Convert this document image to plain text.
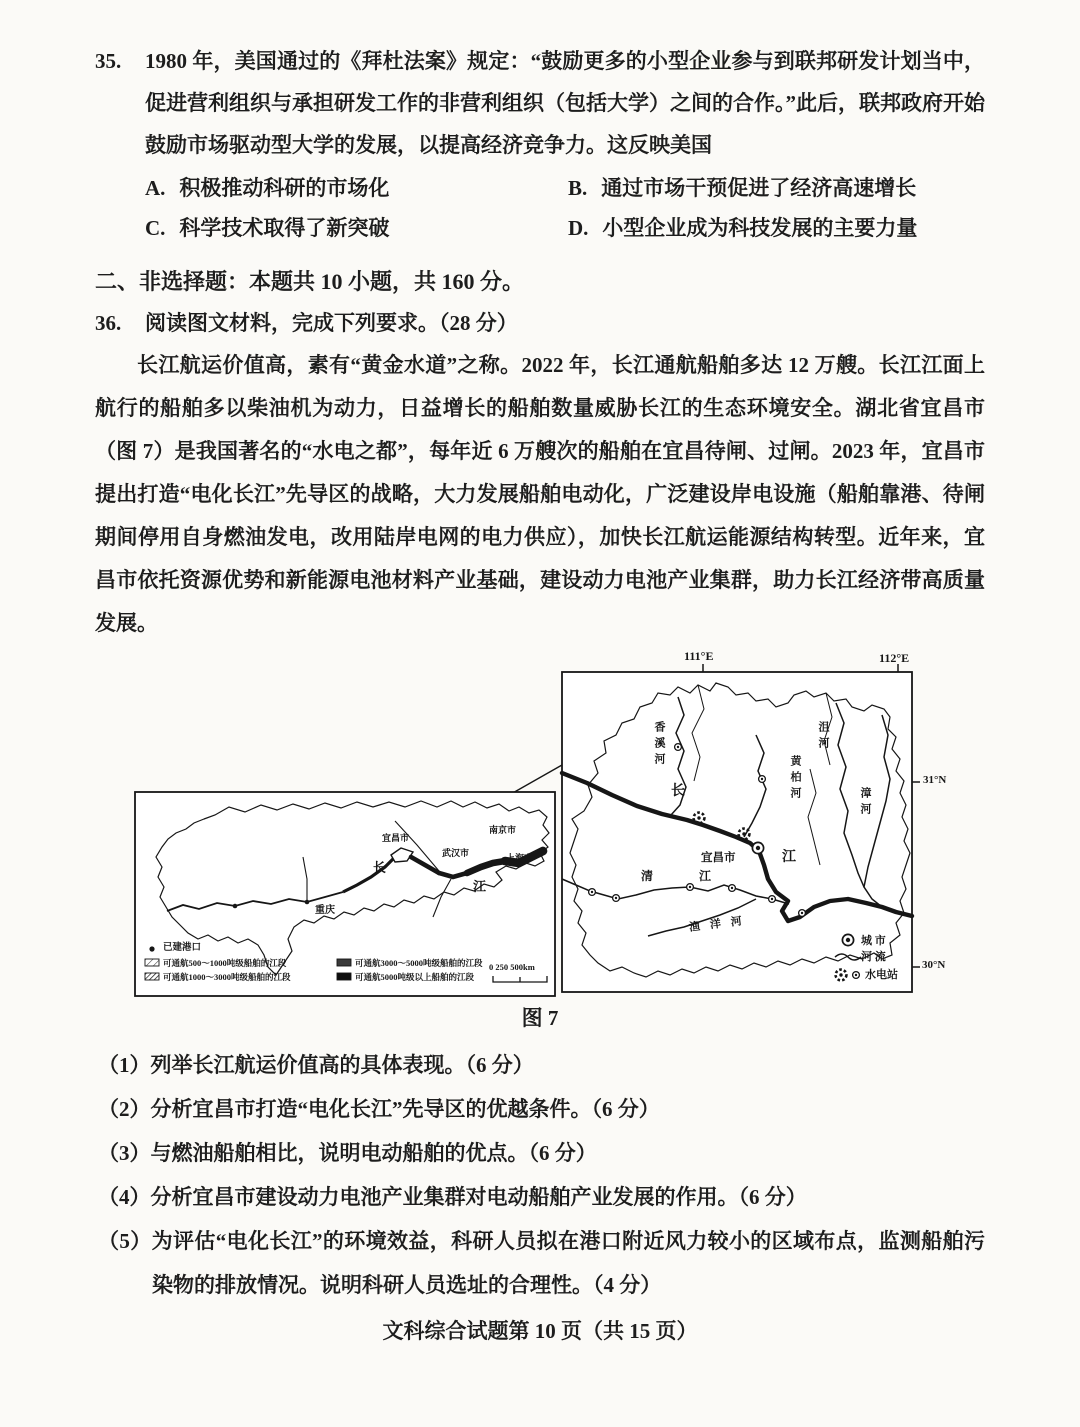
35.	1980 年，美国通过的《拜杜法案》规定：“鼓励更多的小型企业参与到联邦研发计划当中，促进营利组织与承担研发工作的非营利组织（包括大学）之间的合作。”此后，联邦政府开始鼓励市场驱动型大学的发展，以提高经济竞争力。这反映美国
A. 积极推动科研的市场化	B. 通过市场干预促进了经济高速增长
C. 科学技术取得了新突破	D. 小型企业成为科技发展的主要力量
二、非选择题：本题共 10 小题，共 160 分。
36.	阅读图文材料，完成下列要求。（28 分）
长江航运价值高，素有“黄金水道”之称。2022 年，长江通航船舶多达 12 万艘。长江江面上航行的船舶多以柴油机为动力，日益增长的船舶数量威胁长江的生态环境安全。湖北省宜昌市（图 7）是我国著名的“水电之都”，每年近 6 万艘次的船舶在宜昌待闸、过闸。2023 年，宜昌市提出打造“电化长江”先导区的战略，大力发展船舶电动化，广泛建设岸电设施（船舶靠港、待闸期间停用自身燃油发电，改用陆岸电网的电力供应），加快长江航运能源结构转型。近年来，宜昌市依托资源优势和新能源电池材料产业基础，建设动力电池产业集群，助力长江经济带高质量发展。
111°E	112°E
31°N
30°N
香溪河
黄柏河
沮河
漳河
长
江
宜昌市
清江
渔洋河
城 市
河 流
水电站
重庆
长
江
宜昌市
武汉市
南京市
上海市
已建港口
可通航500～1000吨级船舶的江段
可通航1000～3000吨级船舶的江段
可通航3000～5000吨级船舶的江段
可通航5000吨级以上船舶的江段
0 250 500km
图 7
（1）列举长江航运价值高的具体表现。（6 分）
（2）分析宜昌市打造“电化长江”先导区的优越条件。（6 分）
（3）与燃油船舶相比，说明电动船舶的优点。（6 分）
（4）分析宜昌市建设动力电池产业集群对电动船舶产业发展的作用。（6 分）
（5）为评估“电化长江”的环境效益，科研人员拟在港口附近风力较小的区域布点，监测船舶污染物的排放情况。说明科研人员选址的合理性。（4 分）
文科综合试题第 10 页（共 15 页）
